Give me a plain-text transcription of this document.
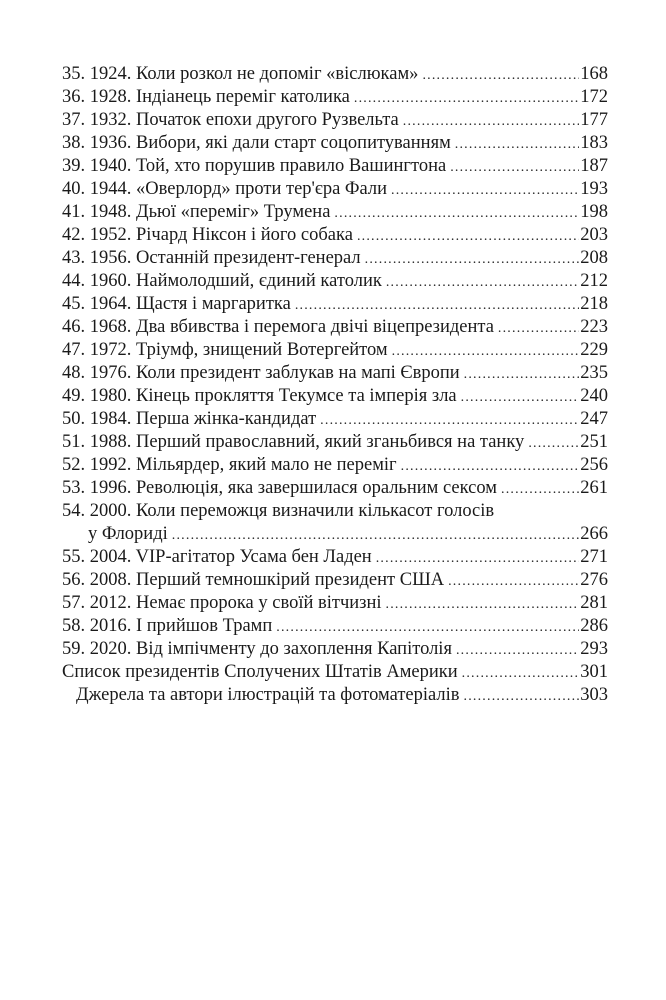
35. 1924. Коли розкол не допоміг «віслюкам» .....	168
36. 1928. Індіанець переміг католика .....	172
37. 1932. Початок епохи другого Рузвельта .....	177
38. 1936. Вибори, які дали старт соцопитуванням .....	183
39. 1940. Той, хто порушив правило Вашингтона .....	187
40. 1944. «Оверлорд» проти тер'єра Фали .....	193
41. 1948. Дьюї «переміг» Трумена .....	198
42. 1952. Річард Ніксон і його собака .....	203
43. 1956. Останній президент-генерал .....	208
44. 1960. Наймолодший, єдиний католик .....	212
45. 1964. Щастя і маргаритка .....	218
46. 1968. Два вбивства і перемога двічі віцепрезидента .....	223
47. 1972. Тріумф, знищений Вотергейтом .....	229
48. 1976. Коли президент заблукав на мапі Європи .....	235
49. 1980. Кінець прокляття Текумсе та імперія зла .....	240
50. 1984. Перша жінка-кандидат .....	247
51. 1988. Перший православний, який зганьбився на танку .....	251
52. 1992. Мільярдер, який мало не переміг .....	256
53. 1996. Революція, яка завершилася оральним сексом .....	261
54. 2000. Коли переможця визначили кількасот голосів
у Флориді .....	266
55. 2004. VIP-агітатор Усама бен Ладен .....	271
56. 2008. Перший темношкірий президент США .....	276
57. 2012. Немає пророка у своїй вітчизні .....	281
58. 2016. І прийшов Трамп .....	286
59. 2020. Від імпічменту до захоплення Капітолія .....	293
Список президентів Сполучених Штатів Америки .....	301
Джерела та автори ілюстрацій та фотоматеріалів .....	303
